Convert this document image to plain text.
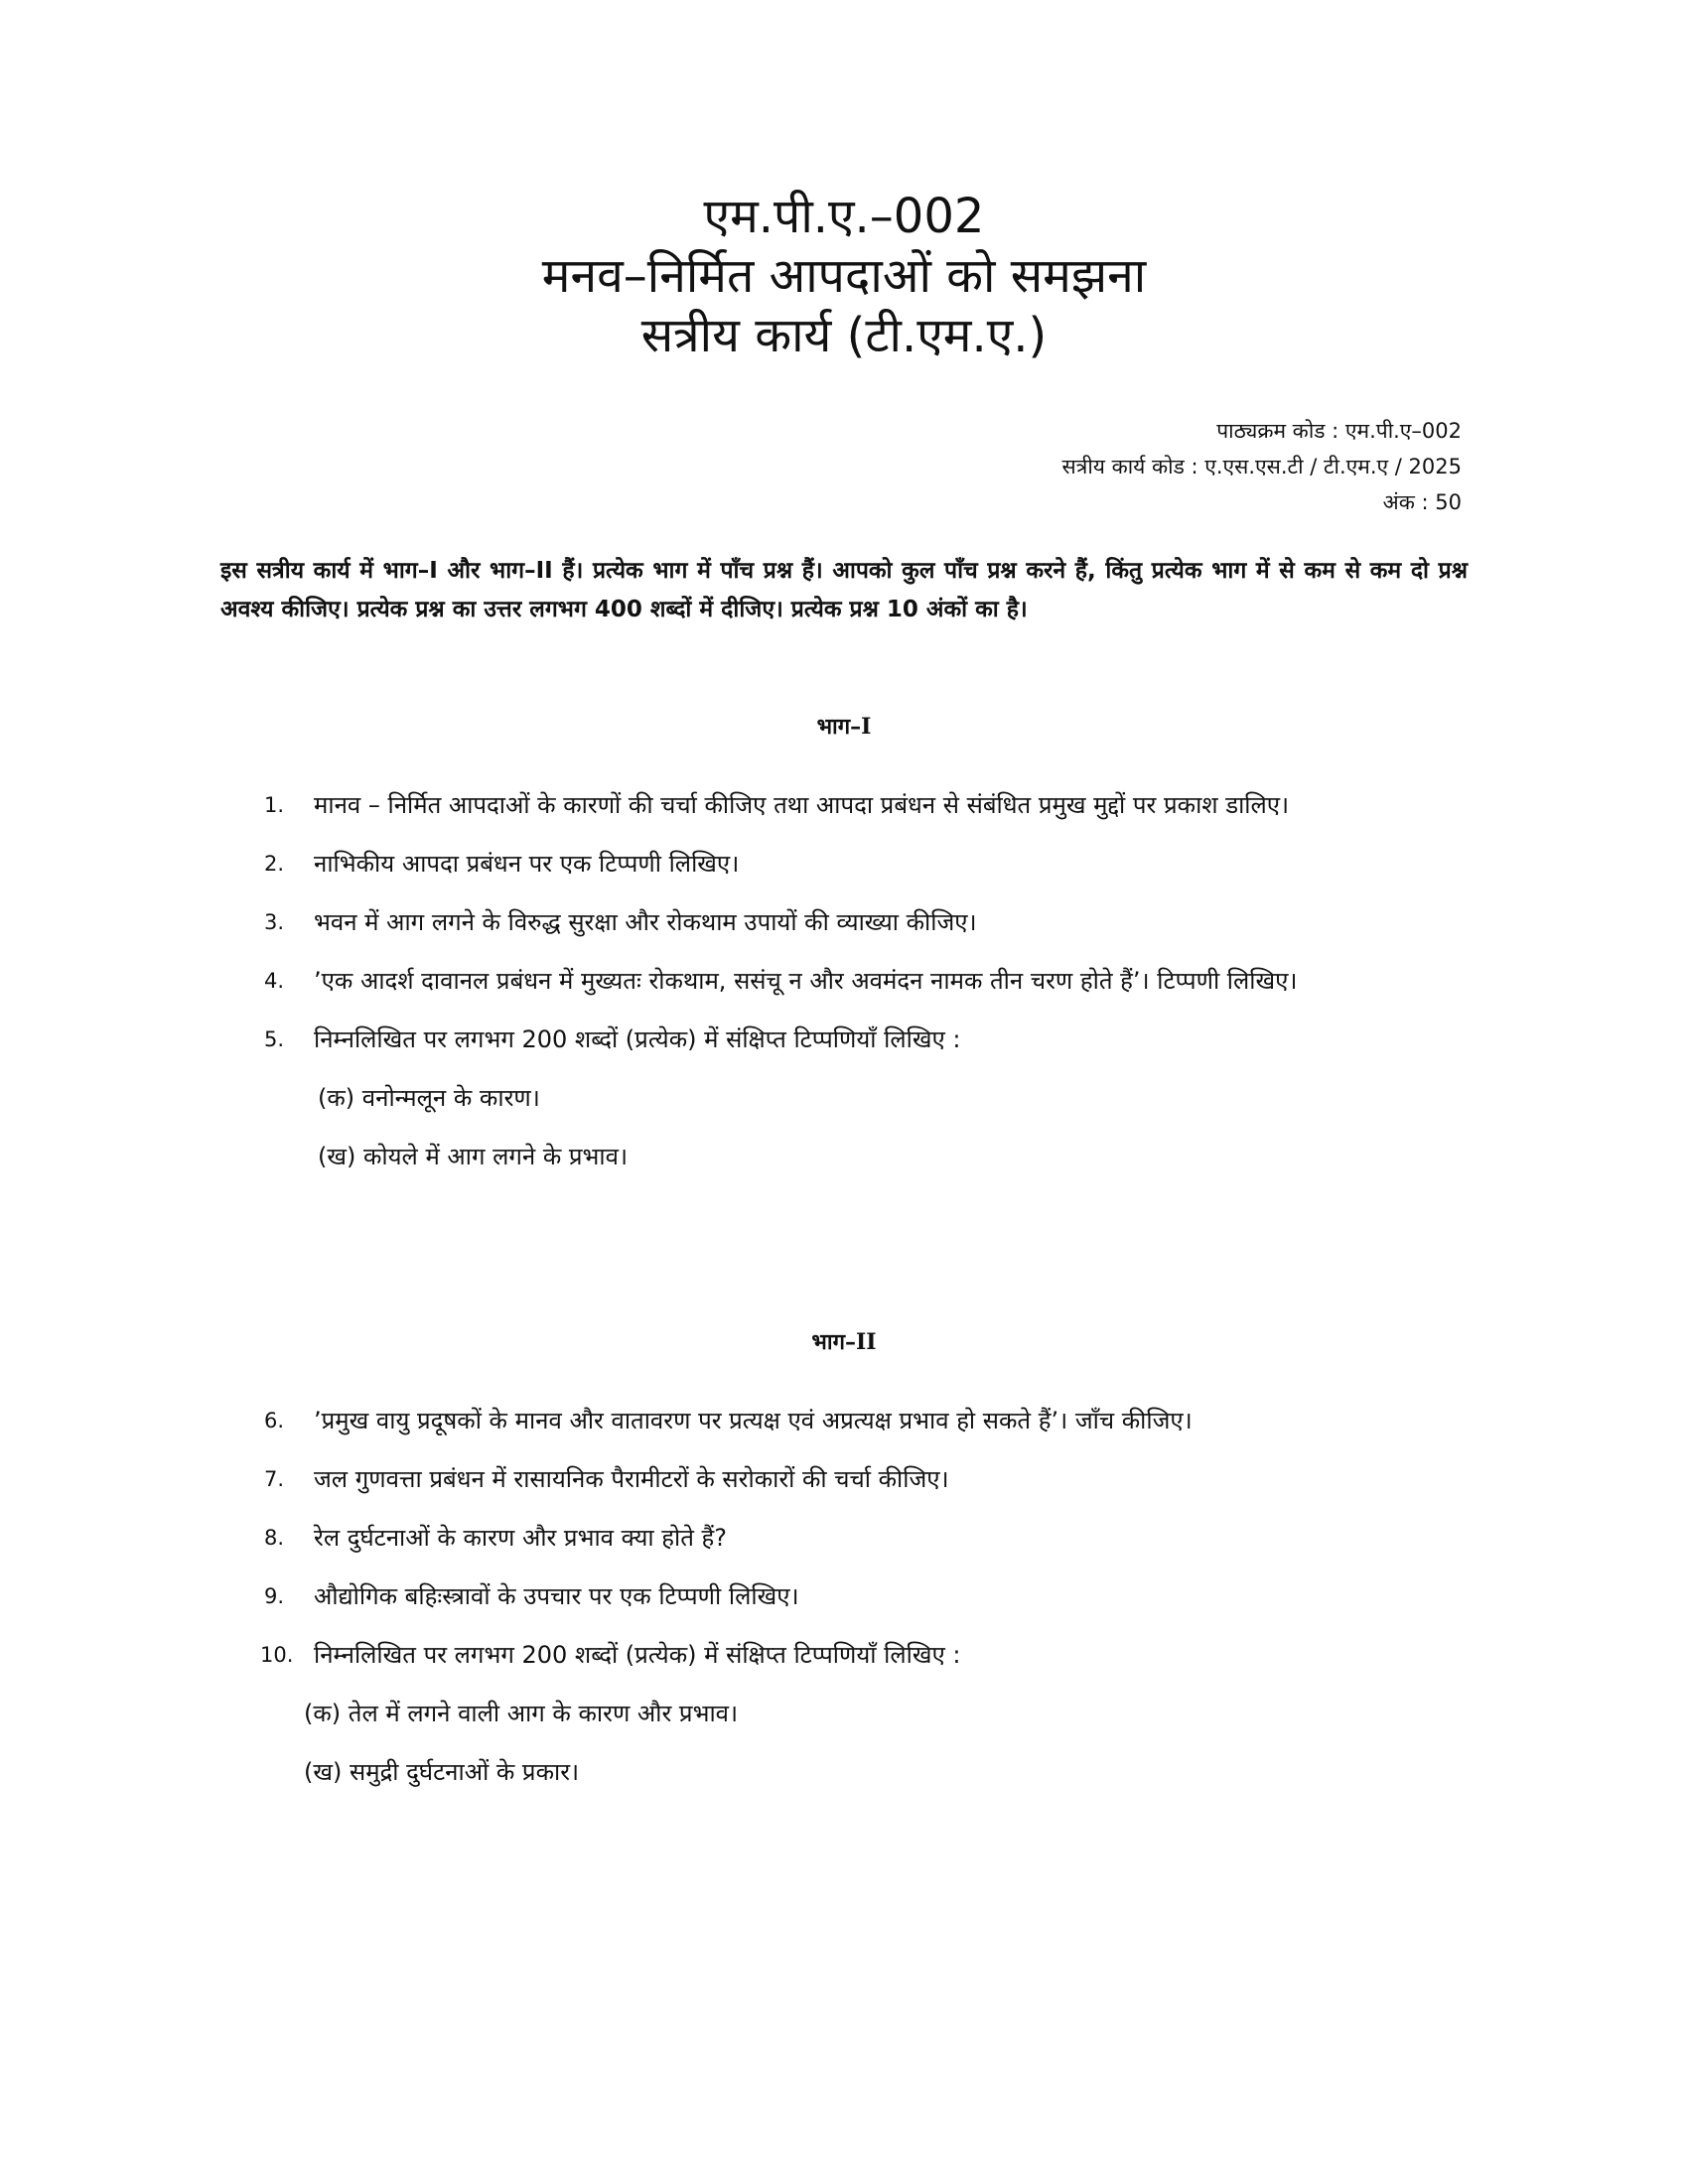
एम.पी.ए.–002
मनव–निर्मित आपदाओं को समझना
सत्रीय कार्य (टी.एम.ए.)
पाठ्यक्रम कोड : एम.पी.ए–002
सत्रीय कार्य कोड : ए.एस.एस.टी / टी.एम.ए / 2025
अंक : 50
इस सत्रीय कार्य में भाग–I और भाग–II हैं। प्रत्येक भाग में पाँच प्रश्न हैं। आपको कुल पाँच प्रश्न करने हैं, किंतु प्रत्येक भाग में से कम से कम दो प्रश्न अवश्य कीजिए। प्रत्येक प्रश्न का उत्तर लगभग 400 शब्दों में दीजिए। प्रत्येक प्रश्न 10 अंकों का है।
भाग–I
1. मानव – निर्मित आपदाओं के कारणों की चर्चा कीजिए तथा आपदा प्रबंधन से संबंधित प्रमुख मुद्दों पर प्रकाश डालिए।
2. नाभिकीय आपदा प्रबंधन पर एक टिप्पणी लिखिए।
3. भवन में आग लगने के विरुद्ध सुरक्षा और रोकथाम उपायों की व्याख्या कीजिए।
4. ’एक आदर्श दावानल प्रबंधन में मुख्यतः रोकथाम, ससंचू न और अवमंदन नामक तीन चरण होते हैं’। टिप्पणी लिखिए।
5. निम्नलिखित पर लगभग 200 शब्दों (प्रत्येक) में संक्षिप्त टिप्पणियाँ लिखिए :
(क) वनोन्मलून के कारण।
(ख) कोयले में आग लगने के प्रभाव।
भाग–II
6. ’प्रमुख वायु प्रदूषकों के मानव और वातावरण पर प्रत्यक्ष एवं अप्रत्यक्ष प्रभाव हो सकते हैं’। जाँच कीजिए।
7. जल गुणवत्ता प्रबंधन में रासायनिक पैरामीटरों के सरोकारों की चर्चा कीजिए।
8. रेल दुर्घटनाओं के कारण और प्रभाव क्या होते हैं?
9. औद्योगिक बहिःस्त्रावों के उपचार पर एक टिप्पणी लिखिए।
10. निम्नलिखित पर लगभग 200 शब्दों (प्रत्येक) में संक्षिप्त टिप्पणियाँ लिखिए :
(क) तेल में लगने वाली आग के कारण और प्रभाव।
(ख) समुद्री दुर्घटनाओं के प्रकार।
